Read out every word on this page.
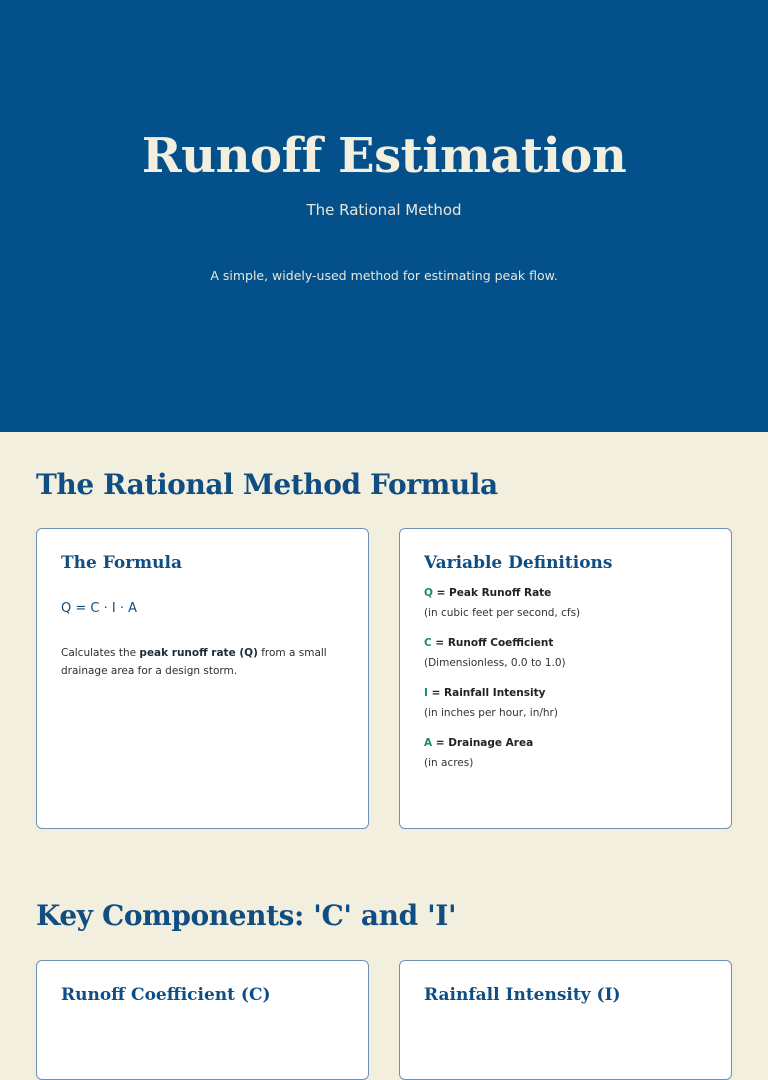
Runoff Estimation
The Rational Method

A simple, widely-used method for estimating peak flow.

The Rational Method Formula
The Formula
Q = C · I · A

Calculates the peak runoff rate (Q) from a small drainage area for a design storm.

Variable Definitions
Q = Peak Runoff Rate
(in cubic feet per second, cfs)
C = Runoff Coefficient
(Dimensionless, 0.0 to 1.0)
I = Rainfall Intensity
(in inches per hour, in/hr)
A = Drainage Area
(in acres)
Key Components: 'C' and 'I'
Runoff Coefficient (C)	Rainfall Intensity (I)
